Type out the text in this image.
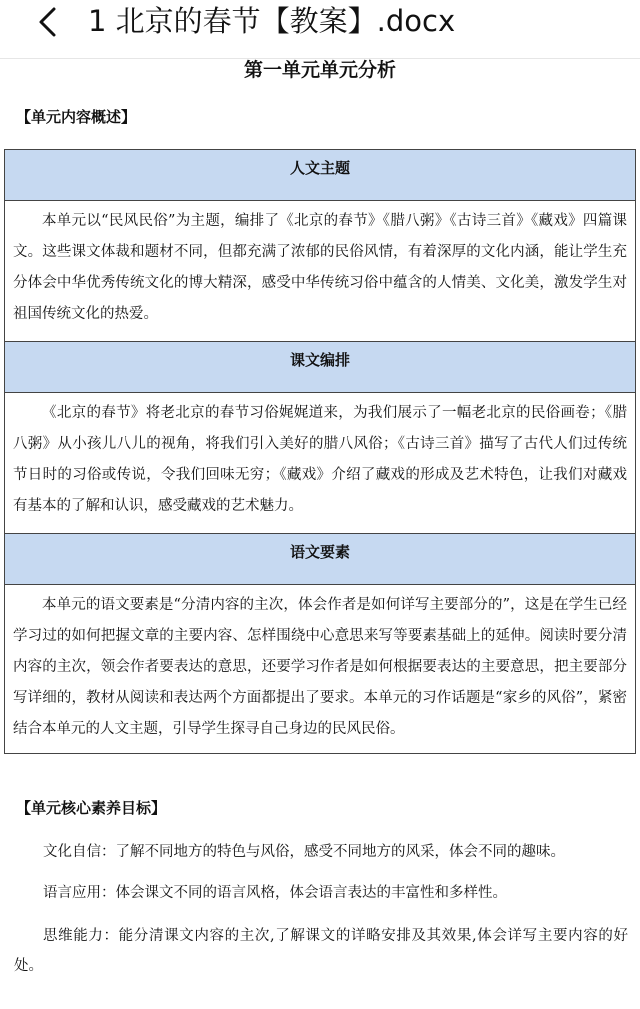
1 北京的春节【教案】.docx
第一单元单元分析
【单元内容概述】
人文主题
本单元以“民风民俗”为主题，编排了《北京的春节》《腊八粥》《古诗三首》《藏戏》四篇课文。这些课文体裁和题材不同，但都充满了浓郁的民俗风情，有着深厚的文化内涵，能让学生充分体会中华优秀传统文化的博大精深，感受中华传统习俗中蕴含的人情美、文化美，激发学生对祖国传统文化的热爱。
课文编排
《北京的春节》将老北京的春节习俗娓娓道来，为我们展示了一幅老北京的民俗画卷；《腊八粥》从小孩儿八儿的视角，将我们引入美好的腊八风俗；《古诗三首》描写了古代人们过传统节日时的习俗或传说，令我们回味无穷；《藏戏》介绍了藏戏的形成及艺术特色，让我们对藏戏有基本的了解和认识，感受藏戏的艺术魅力。
语文要素
本单元的语文要素是“分清内容的主次，体会作者是如何详写主要部分的”，这是在学生已经学习过的如何把握文章的主要内容、怎样围绕中心意思来写等要素基础上的延伸。阅读时要分清内容的主次，领会作者要表达的意思，还要学习作者是如何根据要表达的主要意思，把主要部分写详细的，教材从阅读和表达两个方面都提出了要求。本单元的习作话题是“家乡的风俗”，紧密结合本单元的人文主题，引导学生探寻自己身边的民风民俗。
【单元核心素养目标】
文化自信：了解不同地方的特色与风俗，感受不同地方的风采，体会不同的趣味。
语言应用：体会课文不同的语言风格，体会语言表达的丰富性和多样性。
思维能力：能分清课文内容的主次,了解课文的详略安排及其效果,体会详写主要内容的好处。
